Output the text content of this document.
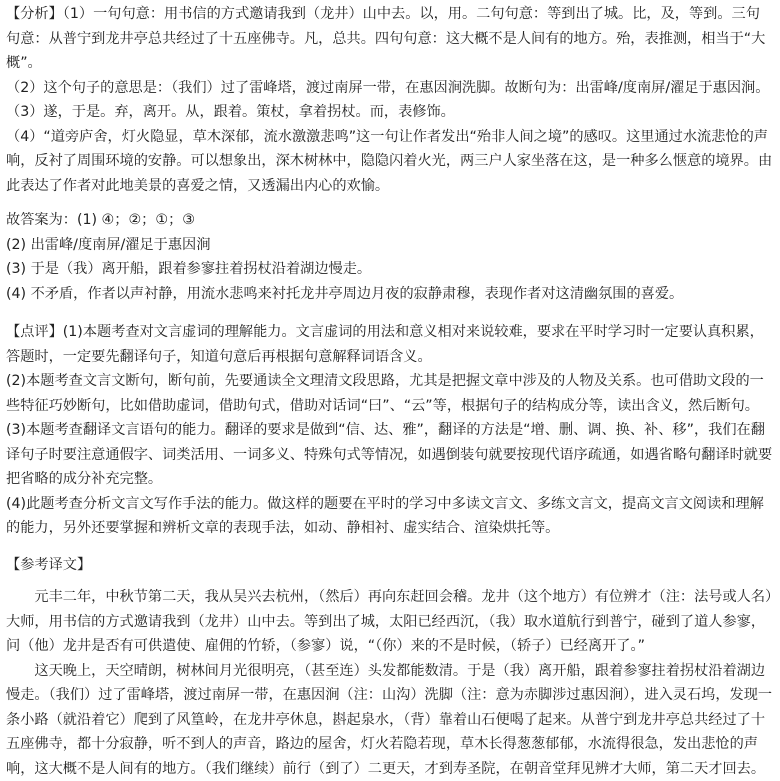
【分析】（1）一句句意：用书信的方式邀请我到（龙井）山中去。以，用。二句句意：等到出了城。比，及，等到。三句句意：从普宁到龙井亭总共经过了十五座佛寺。凡，总共。四句句意：这大概不是人间有的地方。殆，表推测，相当于“大概”。

（2）这个句子的意思是：（我们）过了雷峰塔，渡过南屏一带，在惠因涧洗脚。故断句为：出雷峰/度南屏/濯足于惠因涧。

（3）遂，于是。弃，离开。从，跟着。策杖，拿着拐杖。而，表修饰。

（4）“道旁庐舍，灯火隐显，草木深郁，流水激激悲鸣”这一句让作者发出“殆非人间之境”的感叹。这里通过水流悲怆的声响，反衬了周围环境的安静。可以想象出，深木树林中，隐隐闪着火光，两三户人家坐落在这，是一种多么惬意的境界。由此表达了作者对此地美景的喜爱之情，又透漏出内心的欢愉。

故答案为：(1) ④；②；①；③

(2) 出雷峰/度南屏/濯足于惠因涧

(3) 于是（我）离开船，跟着参寥拄着拐杖沿着湖边慢走。

(4) 不矛盾，作者以声衬静，用流水悲鸣来衬托龙井亭周边月夜的寂静肃穆，表现作者对这清幽氛围的喜爱。

【点评】(1)本题考查对文言虚词的理解能力。文言虚词的用法和意义相对来说较难，要求在平时学习时一定要认真积累，答题时，一定要先翻译句子，知道句意后再根据句意解释词语含义。

(2)本题考查文言文断句，断句前，先要通读全文理清文段思路，尤其是把握文章中涉及的人物及关系。也可借助文段的一些特征巧妙断句，比如借助虚词，借助句式，借助对话词“曰”、“云”等，根据句子的结构成分等，读出含义，然后断句。

(3)本题考查翻译文言语句的能力。翻译的要求是做到“信、达、雅”，翻译的方法是“增、删、调、换、补、移”，我们在翻译句子时要注意通假字、词类活用、一词多义、特殊句式等情况，如遇倒装句就要按现代语序疏通，如遇省略句翻译时就要把省略的成分补充完整。

(4)此题考查分析文言文写作手法的能力。做这样的题要在平时的学习中多读文言文、多练文言文，提高文言文阅读和理解的能力，另外还要掌握和辨析文章的表现手法，如动、静相衬、虚实结合、渲染烘托等。

【参考译文】

元丰二年，中秋节第二天，我从吴兴去杭州，（然后）再向东赶回会稽。龙井（这个地方）有位辨才（注：法号或人名）大师，用书信的方式邀请我到（龙井）山中去。等到出了城，太阳已经西沉，（我）取水道航行到普宁，碰到了道人参寥，问（他）龙井是否有可供遣使、雇佣的竹轿，（参寥）说，“（你）来的不是时候，（轿子）已经离开了。”

这天晚上，天空晴朗，树林间月光很明亮，（甚至连）头发都能数清。于是（我）离开船，跟着参寥拄着拐杖沿着湖边慢走。（我们）过了雷峰塔，渡过南屏一带，在惠因涧（注：山沟）洗脚（注：意为赤脚涉过惠因涧），进入灵石坞，发现一条小路（就沿着它）爬到了风篁岭，在龙井亭休息，斟起泉水，（背）靠着山石便喝了起来。从普宁到龙井亭总共经过了十五座佛寺，都十分寂静，听不到人的声音，路边的屋舍，灯火若隐若现，草木长得葱葱郁郁，水流得很急，发出悲怆的声响，这大概不是人间有的地方。（我们继续）前行（到了）二更天，才到寿圣院，在朝音堂拜见辨才大师，第二天才回去。
